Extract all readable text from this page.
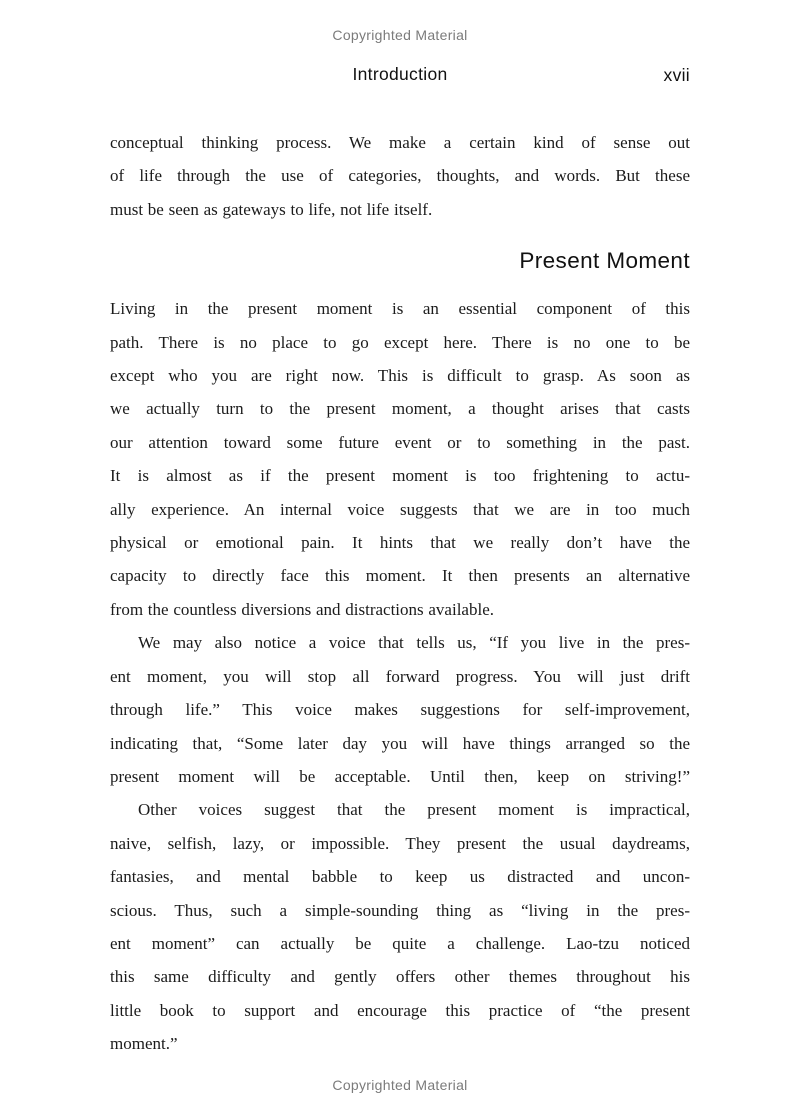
Copyrighted Material
Introduction	xvii
conceptual thinking process. We make a certain kind of sense out
of life through the use of categories, thoughts, and words. But these
must be seen as gateways to life, not life itself.
Present Moment
Living in the present moment is an essential component of this
path. There is no place to go except here. There is no one to be
except who you are right now. This is difficult to grasp. As soon as
we actually turn to the present moment, a thought arises that casts
our attention toward some future event or to something in the past.
It is almost as if the present moment is too frightening to actu-
ally experience. An internal voice suggests that we are in too much
physical or emotional pain. It hints that we really don’t have the
capacity to directly face this moment. It then presents an alternative
from the countless diversions and distractions available.
We may also notice a voice that tells us, “If you live in the pres-
ent moment, you will stop all forward progress. You will just drift
through life.” This voice makes suggestions for self-improvement,
indicating that, “Some later day you will have things arranged so the
present moment will be acceptable. Until then, keep on striving!”
Other voices suggest that the present moment is impractical,
naive, selfish, lazy, or impossible. They present the usual daydreams,
fantasies, and mental babble to keep us distracted and uncon-
scious. Thus, such a simple-sounding thing as “living in the pres-
ent moment” can actually be quite a challenge. Lao-tzu noticed
this same difficulty and gently offers other themes throughout his
little book to support and encourage this practice of “the present
moment.”
Copyrighted Material
